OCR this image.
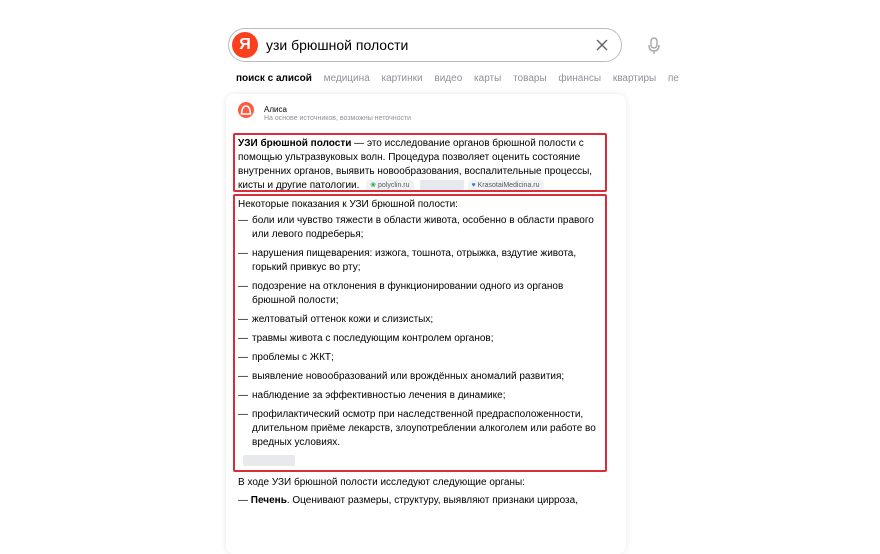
Я
узи брюшной полости
поиск с алисой медицина картинки видео карты товары финансы квартиры пе
Алиса
На основе источников, возможны неточности
УЗИ брюшной полости — это исследование органов брюшной полости с помощью ультразвуковых волн. Процедура позволяет оценить состояние внутренних органов, выявить новообразования, воспалительные процессы, кисты и другие патологии. ❀ polyclin.ru	♥ KrasotaiMedicina.ru
Некоторые показания к УЗИ брюшной полости:
— боли или чувство тяжести в области живота, особенно в области правого или левого подреберья;
— нарушения пищеварения: изжога, тошнота, отрыжка, вздутие живота, горький привкус во рту;
— подозрение на отклонения в функционировании одного из органов брюшной полости;
— желтоватый оттенок кожи и слизистых;
— травмы живота с последующим контролем органов;
— проблемы с ЖКТ;
— выявление новообразований или врождённых аномалий развития;
— наблюдение за эффективностью лечения в динамике;
— профилактический осмотр при наследственной предрасположенности, длительном приёме лекарств, злоупотреблении алкоголем или работе во вредных условиях.
В ходе УЗИ брюшной полости исследуют следующие органы:
— Печень. Оценивают размеры, структуру, выявляют признаки цирроза,
